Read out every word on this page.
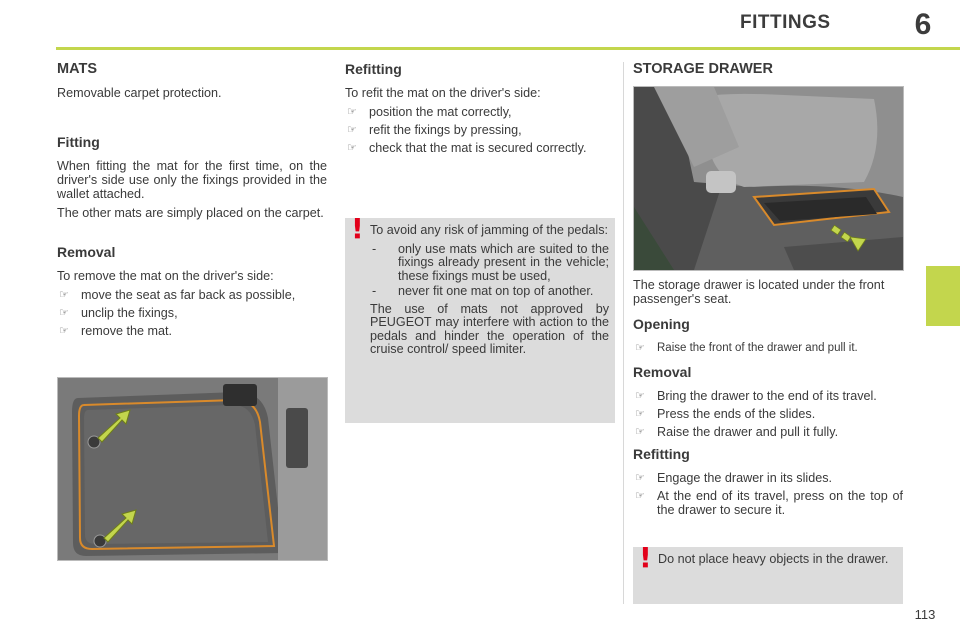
FITTINGS	6
MATS

Removable carpet protection.

Fitting

When fitting the mat for the first time, on the driver's side use only the fixings provided in the wallet attached.

The other mats are simply placed on the carpet.

Removal

To remove the mat on the driver's side:

☞ move the seat as far back as possible,
☞ unclip the fixings,
☞ remove the mat.
Refitting

To refit the mat on the driver's side:

☞ position the mat correctly,
☞ refit the fixings by pressing,
☞ check that the mat is secured correctly.
! To avoid any risk of jamming of the pedals:

- only use mats which are suited to the fixings already present in the vehicle; these fixings must be used,
- never fit one mat on top of another.

The use of mats not approved by PEUGEOT may interfere with action to the pedals and hinder the operation of the cruise control/ speed limiter.

STORAGE DRAWER

The storage drawer is located under the front passenger's seat.

Opening
☞ Raise the front of the drawer and pull it.
Removal
☞ Bring the drawer to the end of its travel.
☞ Press the ends of the slides.
☞ Raise the drawer and pull it fully.
Refitting
☞ Engage the drawer in its slides.
☞ At the end of its travel, press on the top of the drawer to secure it.
! Do not place heavy objects in the drawer.

113
